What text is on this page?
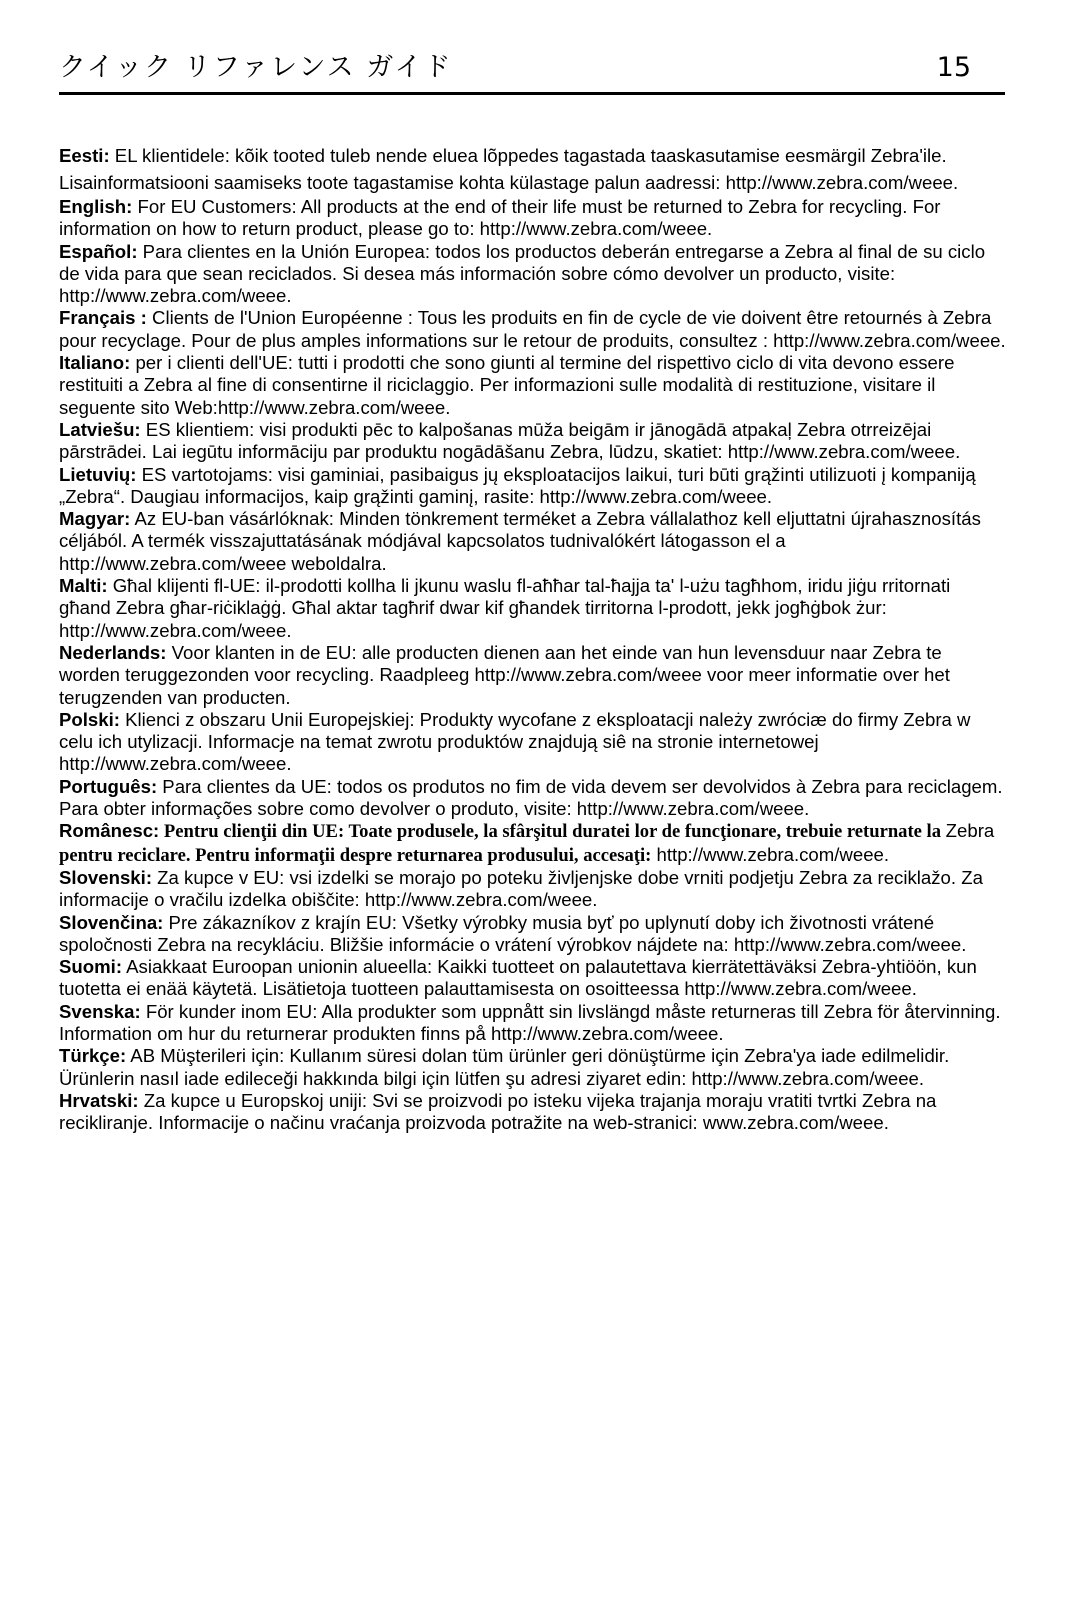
クイック リファレンス ガイド	15

Eesti: EL klientidele: kõik tooted tuleb nende eluea lõppedes tagastada taaskasutamise eesmärgil Zebra'ile. Lisainformatsiooni saamiseks toote tagastamise kohta külastage palun aadressi: http://www.zebra.com/weee.

English: For EU Customers: All products at the end of their life must be returned to Zebra for recycling. For information on how to return product, please go to: http://www.zebra.com/weee.

Español: Para clientes en la Unión Europea: todos los productos deberán entregarse a Zebra al final de su ciclo de vida para que sean reciclados. Si desea más información sobre cómo devolver un producto, visite: http://www.zebra.com/weee.

Français : Clients de l'Union Européenne : Tous les produits en fin de cycle de vie doivent être retournés à Zebra pour recyclage. Pour de plus amples informations sur le retour de produits, consultez : http://www.zebra.com/weee.

Italiano: per i clienti dell'UE: tutti i prodotti che sono giunti al termine del rispettivo ciclo di vita devono essere restituiti a Zebra al fine di consentirne il riciclaggio. Per informazioni sulle modalità di restituzione, visitare il seguente sito Web:http://www.zebra.com/weee.

Latviešu: ES klientiem: visi produkti pēc to kalpošanas mūža beigām ir jānogādā atpakaļ Zebra otrreizējai pārstrādei. Lai iegūtu informāciju par produktu nogādāšanu Zebra, lūdzu, skatiet: http://www.zebra.com/weee.

Lietuvių: ES vartotojams: visi gaminiai, pasibaigus jų eksploatacijos laikui, turi būti grąžinti utilizuoti į kompaniją „Zebra“. Daugiau informacijos, kaip grąžinti gaminį, rasite: http://www.zebra.com/weee.

Magyar: Az EU-ban vásárlóknak: Minden tönkrement terméket a Zebra vállalathoz kell eljuttatni újrahasznosítás céljából. A termék visszajuttatásának módjával kapcsolatos tudnivalókért látogasson el a http://www.zebra.com/weee weboldalra.

Malti: Għal klijenti fl-UE: il-prodotti kollha li jkunu waslu fl-aħħar tal-ħajja ta' l-użu tagħhom, iridu jiġu rritornati għand Zebra għar-riċiklaġġ. Għal aktar tagħrif dwar kif għandek tirritorna l-prodott, jekk jogħġbok żur: http://www.zebra.com/weee.

Nederlands: Voor klanten in de EU: alle producten dienen aan het einde van hun levensduur naar Zebra te worden teruggezonden voor recycling. Raadpleeg http://www.zebra.com/weee voor meer informatie over het terugzenden van producten.

Polski: Klienci z obszaru Unii Europejskiej: Produkty wycofane z eksploatacji należy zwróciæ do firmy Zebra w celu ich utylizacji. Informacje na temat zwrotu produktów znajdują siê na stronie internetowej http://www.zebra.com/weee.

Português: Para clientes da UE: todos os produtos no fim de vida devem ser devolvidos à Zebra para reciclagem. Para obter informações sobre como devolver o produto, visite: http://www.zebra.com/weee.

Românesc: Pentru clienţii din UE: Toate produsele, la sfârşitul duratei lor de funcţionare, trebuie returnate la Zebra pentru reciclare. Pentru informaţii despre returnarea produsului, accesaţi: http://www.zebra.com/weee.

Slovenski: Za kupce v EU: vsi izdelki se morajo po poteku življenjske dobe vrniti podjetju Zebra za reciklažo. Za informacije o vračilu izdelka obiščite: http://www.zebra.com/weee.

Slovenčina: Pre zákazníkov z krajín EU: Všetky výrobky musia byť po uplynutí doby ich životnosti vrátené spoločnosti Zebra na recykláciu. Bližšie informácie o vrátení výrobkov nájdete na: http://www.zebra.com/weee.

Suomi: Asiakkaat Euroopan unionin alueella: Kaikki tuotteet on palautettava kierrätettäväksi Zebra-yhtiöön, kun tuotetta ei enää käytetä. Lisätietoja tuotteen palauttamisesta on osoitteessa http://www.zebra.com/weee.

Svenska: För kunder inom EU: Alla produkter som uppnått sin livslängd måste returneras till Zebra för återvinning. Information om hur du returnerar produkten finns på http://www.zebra.com/weee.

Türkçe: AB Müşterileri için: Kullanım süresi dolan tüm ürünler geri dönüştürme için Zebra'ya iade edilmelidir. Ürünlerin nasıl iade edileceği hakkında bilgi için lütfen şu adresi ziyaret edin: http://www.zebra.com/weee.

Hrvatski: Za kupce u Europskoj uniji: Svi se proizvodi po isteku vijeka trajanja moraju vratiti tvrtki Zebra na recikliranje. Informacije o načinu vraćanja proizvoda potražite na web-stranici: www.zebra.com/weee.
